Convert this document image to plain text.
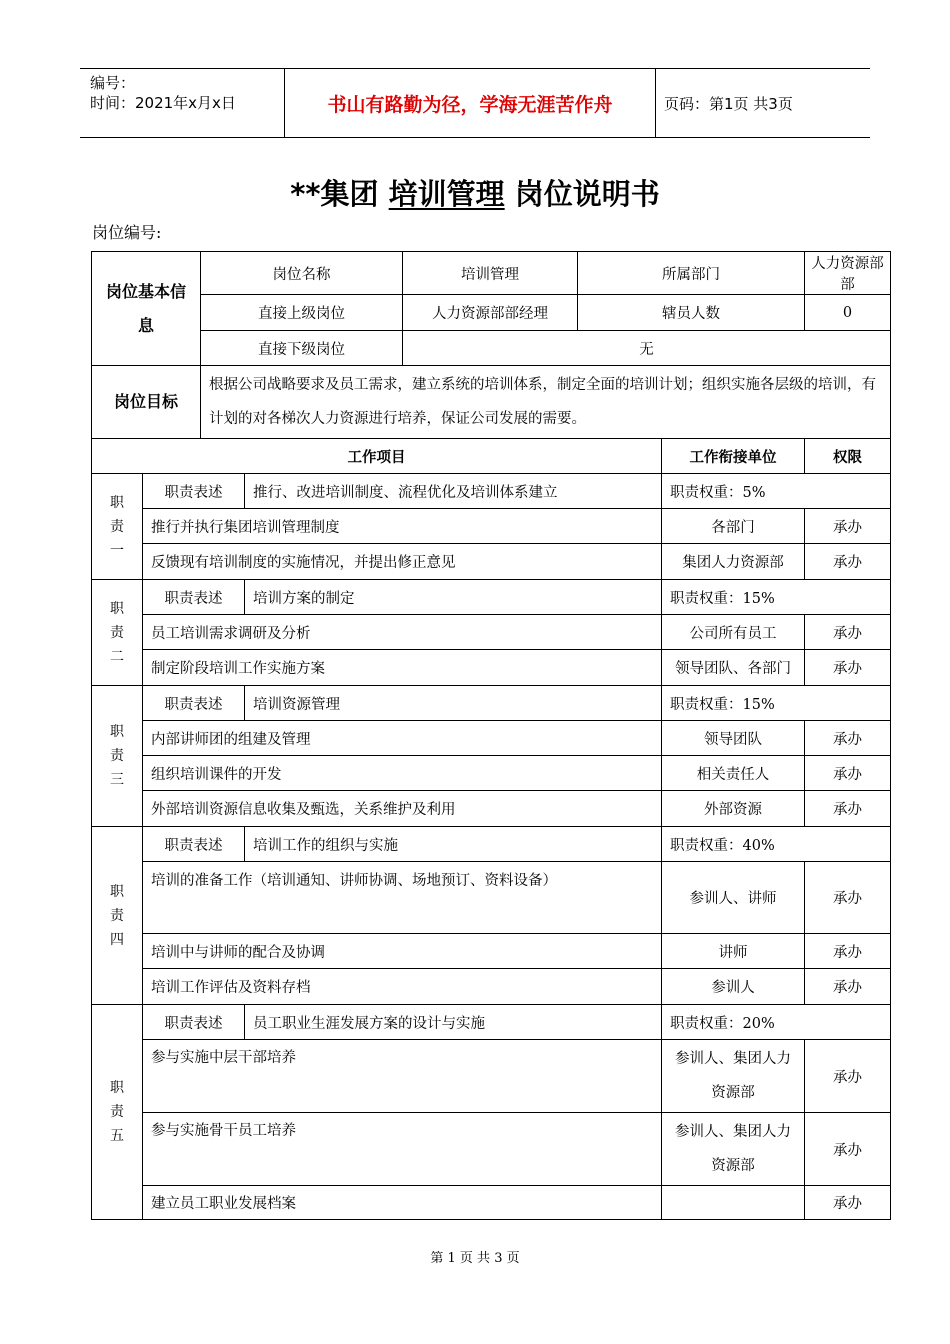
编号：
时间：2021年x月x日	书山有路勤为径，学海无涯苦作舟	页码：第1页 共3页
**集团 培训管理 岗位说明书
岗位编号:
岗位基本信息		岗位名称		培训管理	所属部门		人力资源部部
		直接上级岗位		人力资源部部经理	辖员人数		0
		直接下级岗位		无			
岗位目标		根据公司战略要求及员工需求，建立系统的培训体系，制定全面的培训计划；组织实施各层级的培训，有计划的对各梯次人力资源进行培养，保证公司发展的需要。					
工作项目						工作衔接单位	权限

职责一	职责表述		推行、改进培训制度、流程优化及培训体系建立			职责权重：5%	
	推行并执行集团培训管理制度					各部门	承办
	反馈现有培训制度的实施情况，并提出修正意见					集团人力资源部	承办

职责二	职责表述		培训方案的制定			职责权重：15%	
	员工培训需求调研及分析					公司所有员工	承办
	制定阶段培训工作实施方案					领导团队、各部门	承办

职责三	职责表述		培训资源管理			职责权重：15%	
	内部讲师团的组建及管理					领导团队	承办
	组织培训课件的开发					相关责任人	承办
	外部培训资源信息收集及甄选，关系维护及利用					外部资源	承办

职责四	职责表述		培训工作的组织与实施			职责权重：40%	
	培训的准备工作（培训通知、讲师协调、场地预订、资料设备）					参训人、讲师	承办
	培训中与讲师的配合及协调					讲师	承办
	培训工作评估及资料存档					参训人	承办

职责五	职责表述		员工职业生涯发展方案的设计与实施			职责权重：20%	
	参与实施中层干部培养					参训人、集团人力资源部	承办
	参与实施骨干员工培养					参训人、集团人力资源部	承办
	建立员工职业发展档案						承办
第 1 页 共 3 页
